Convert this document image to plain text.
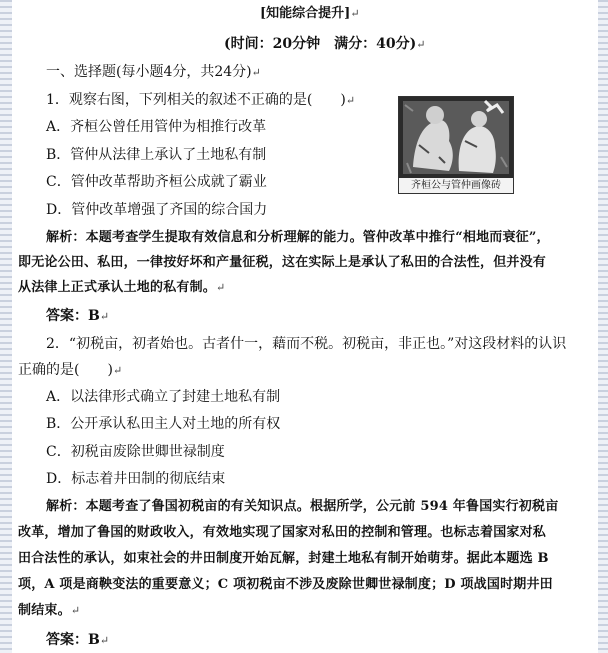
[知能综合提升]↵
(时间：20分钟　满分：40分)↵
一、选择题(每小题4分，共24分)↵
1．观察右图，下列相关的叙述不正确的是(　　)↵
A．齐桓公曾任用管仲为相推行改革
B．管仲从法律上承认了土地私有制
C．管仲改革帮助齐桓公成就了霸业
D．管仲改革增强了齐国的综合国力
齐桓公与管仲画像砖
解析：本题考查学生提取有效信息和分析理解的能力。管仲改革中推行“相地而衰征”，
即无论公田、私田，一律按好坏和产量征税，这在实际上是承认了私田的合法性，但并没有
从法律上正式承认土地的私有制。↵
答案：B↵
2．“初税亩，初者始也。古者什一，藉而不税。初税亩，非正也。”对这段材料的认识
正确的是(　　)↵
A．以法律形式确立了封建土地私有制
B．公开承认私田主人对土地的所有权
C．初税亩废除世卿世禄制度
D．标志着井田制的彻底结束
解析：本题考查了鲁国初税亩的有关知识点。根据所学，公元前 594 年鲁国实行初税亩
改革，增加了鲁国的财政收入，有效地实现了国家对私田的控制和管理。也标志着国家对私
田合法性的承认，如束社会的井田制度开始瓦解，封建土地私有制开始萌芽。据此本题选 B
项，A 项是商鞅变法的重要意义；C 项初税亩不涉及废除世卿世禄制度；D 项战国时期井田
制结束。↵
答案：B↵
